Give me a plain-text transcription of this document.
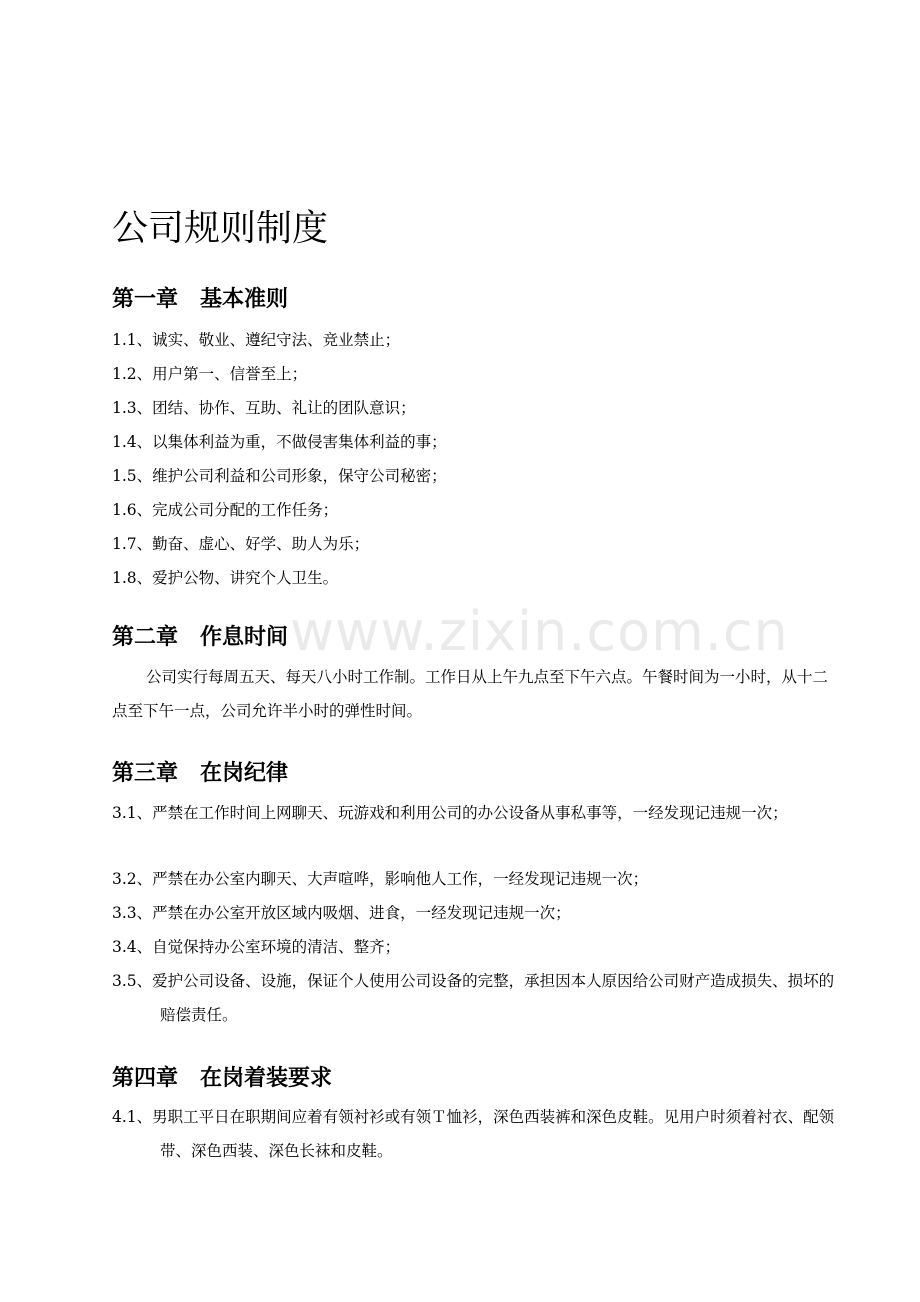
公司规则制度
第一章 基本准则

1.1、诚实、敬业、遵纪守法、竞业禁止；

1.2、用户第一、信誉至上；

1.3、团结、协作、互助、礼让的团队意识；

1.4、以集体利益为重，不做侵害集体利益的事；

1.5、维护公司利益和公司形象，保守公司秘密；

1.6、完成公司分配的工作任务；

1.7、勤奋、虚心、好学、助人为乐；

1.8、爱护公物、讲究个人卫生。

第二章 作息时间

公司实行每周五天、每天八小时工作制。工作日从上午九点至下午六点。午餐时间为一小时，从十二点至下午一点，公司允许半小时的弹性时间。

第三章 在岗纪律

3.1、严禁在工作时间上网聊天、玩游戏和利用公司的办公设备从事私事等，一经发现记违规一次；

3.2、严禁在办公室内聊天、大声喧哗，影响他人工作，一经发现记违规一次；

3.3、严禁在办公室开放区域内吸烟、进食，一经发现记违规一次；

3.4、自觉保持办公室环境的清洁、整齐；

3.5、爱护公司设备、设施，保证个人使用公司设备的完整，承担因本人原因给公司财产造成损失、损坏的赔偿责任。

第四章 在岗着装要求

4.1、男职工平日在职期间应着有领衬衫或有领Ｔ恤衫，深色西装裤和深色皮鞋。见用户时须着衬衣、配领带、深色西装、深色长袜和皮鞋。

www.zixin.com.cn
